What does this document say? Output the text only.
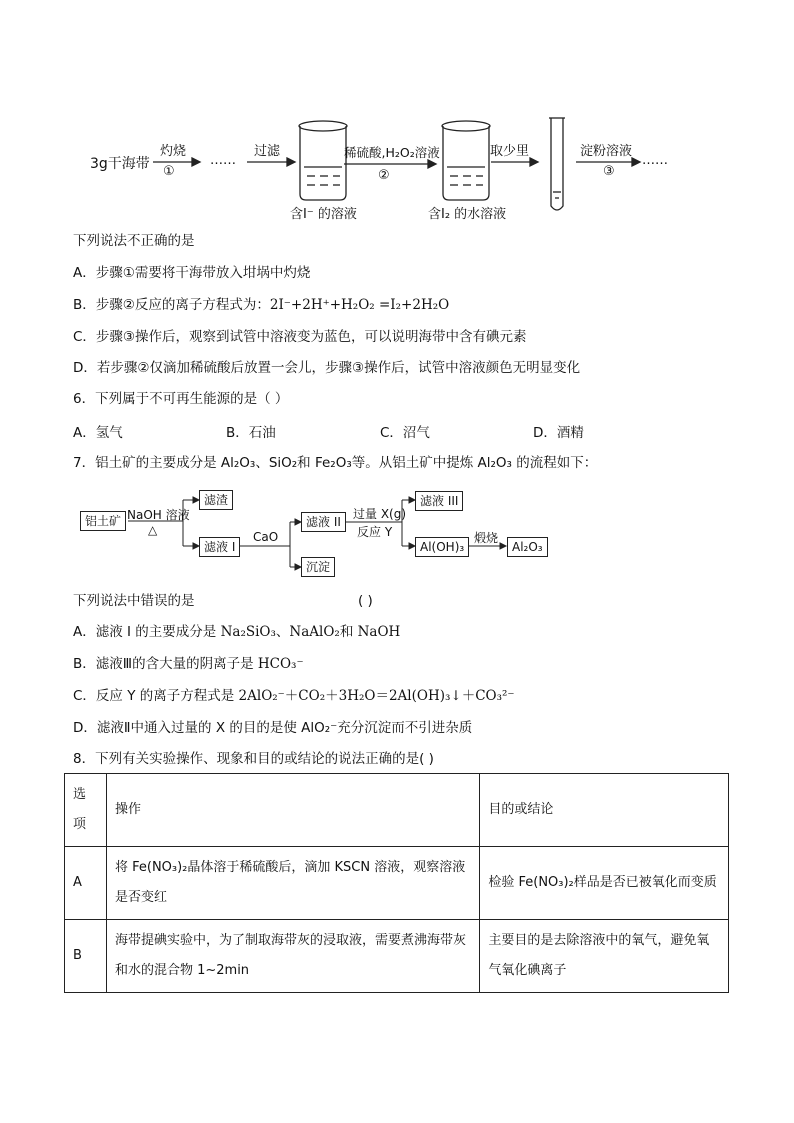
3g干海带
灼烧
①
……
过滤
含I⁻ 的溶液
稀硫酸,H₂O₂溶液
②
含I₂ 的水溶液
取少里	淀粉溶液
③
……
下列说法不正确的是
A．步骤①需要将干海带放入坩埚中灼烧
B．步骤②反应的离子方程式为：2I⁻+2H⁺+H₂O₂ =I₂+2H₂O
C．步骤③操作后，观察到试管中溶液变为蓝色，可以说明海带中含有碘元素
D．若步骤②仅滴加稀硫酸后放置一会儿，步骤③操作后，试管中溶液颜色无明显变化
6．下列属于不可再生能源的是（ ）
A．氢气	B．石油	C．沼气	D．酒精
7．铝土矿的主要成分是 Al₂O₃、SiO₂和 Fe₂O₃等。从铝土矿中提炼 Al₂O₃ 的流程如下：
铝土矿 NaOH 溶液
△
滤渣
滤液 I
CaO
滤液 II
沉淀
过量 X(g)
反应 Y
滤液 III
Al(OH)₃
煅烧
Al₂O₃
下列说法中错误的是	( )
A．滤液 I 的主要成分是 Na₂SiO₃、NaAlO₂和 NaOH
B．滤液Ⅲ的含大量的阴离子是 HCO₃⁻
C．反应 Y 的离子方程式是 2AlO₂⁻＋CO₂＋3H₂O＝2Al(OH)₃↓＋CO₃²⁻
D．滤液Ⅱ中通入过量的 X 的目的是使 AlO₂⁻充分沉淀而不引进杂质
8．下列有关实验操作、现象和目的或结论的说法正确的是( )
选项	操作	目的或结论
A	将 Fe(NO₃)₂晶体溶于稀硫酸后，滴加 KSCN 溶液，观察溶液是否变红	检验 Fe(NO₃)₂样品是否已被氧化而变质
B	海带提碘实验中，为了制取海带灰的浸取液，需要煮沸海带灰和水的混合物 1~2min	主要目的是去除溶液中的氧气，避免氧气氧化碘离子
